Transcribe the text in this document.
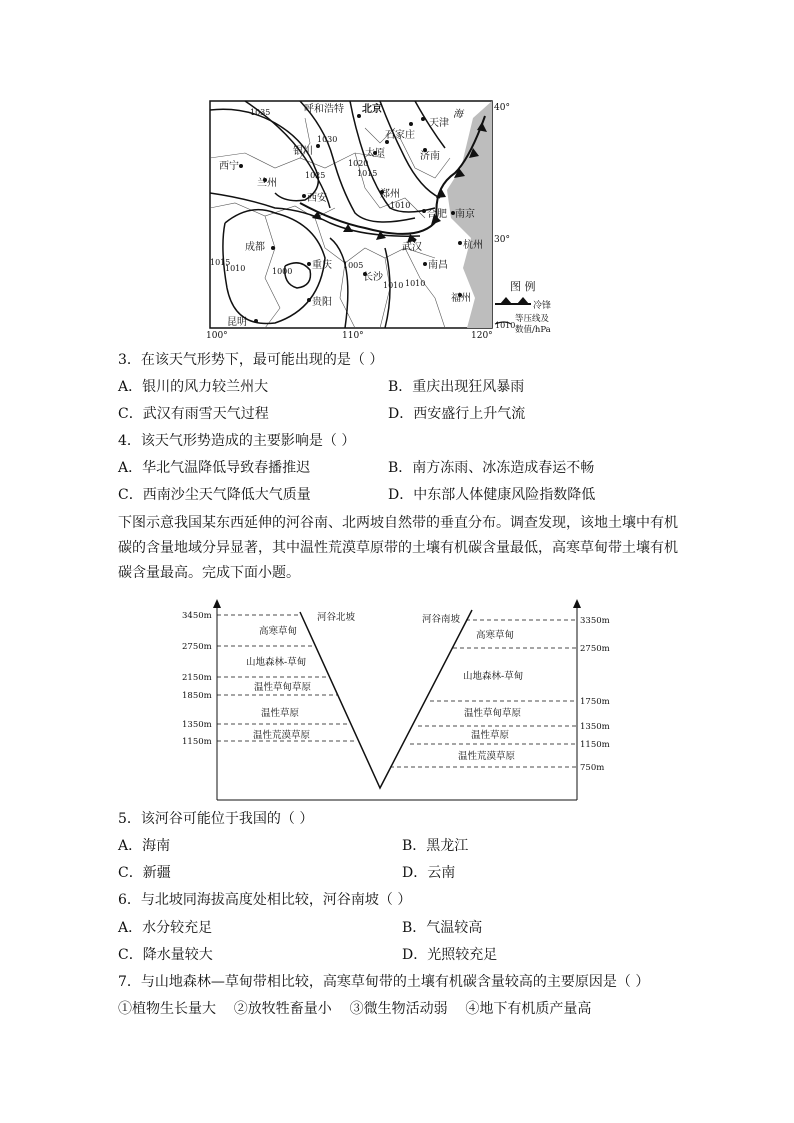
呼和浩特 北京
天津
银川
石家庄
太原	济南
西宁
兰州
西安	郑州
合肥 南京
武汉	杭州
成都
重庆
长沙
南昌
贵阳	福州
昆明
1035
1030
1025
1020
1015
1010
1015
1010	1000
1005
1010 1010
海
100°	110°	120°
40°
30°
图 例
冷锋
1010
等压线及
数值/hPa
3．在该天气形势下，最可能出现的是（ ）
A．银川的风力较兰州大	B．重庆出现狂风暴雨
C．武汉有雨雪天气过程	D．西安盛行上升气流
4．该天气形势造成的主要影响是（ ）
A．华北气温降低导致春播推迟	B．南方冻雨、冰冻造成春运不畅
C．西南沙尘天气降低大气质量	D．中东部人体健康风险指数降低
下图示意我国某东西延伸的河谷南、北两坡自然带的垂直分布。调查发现，该地土壤中有机碳的含量地域分异显著，其中温性荒漠草原带的土壤有机碳含量最低，高寒草甸带土壤有机碳含量最高。完成下面小题。
河谷北坡	河谷南坡
3450m
2750m
2150m
1850m
1350m
1150m
3350m
2750m
1750m
1350m
1150m
750m
高寒草甸
山地森林-草甸
温性草甸草原
温性草原
温性荒漠草原
高寒草甸
山地森林-草甸
温性草甸草原
温性草原
温性荒漠草原
5．该河谷可能位于我国的（ ）
A．海南	B．黑龙江
C．新疆	D．云南
6．与北坡同海拔高度处相比较，河谷南坡（ ）
A．水分较充足	B．气温较高
C．降水量较大	D．光照较充足
7．与山地森林—草甸带相比较，高寒草甸带的土壤有机碳含量较高的主要原因是（ ）
①植物生长量大    ②放牧牲畜量小    ③微生物活动弱    ④地下有机质产量高
